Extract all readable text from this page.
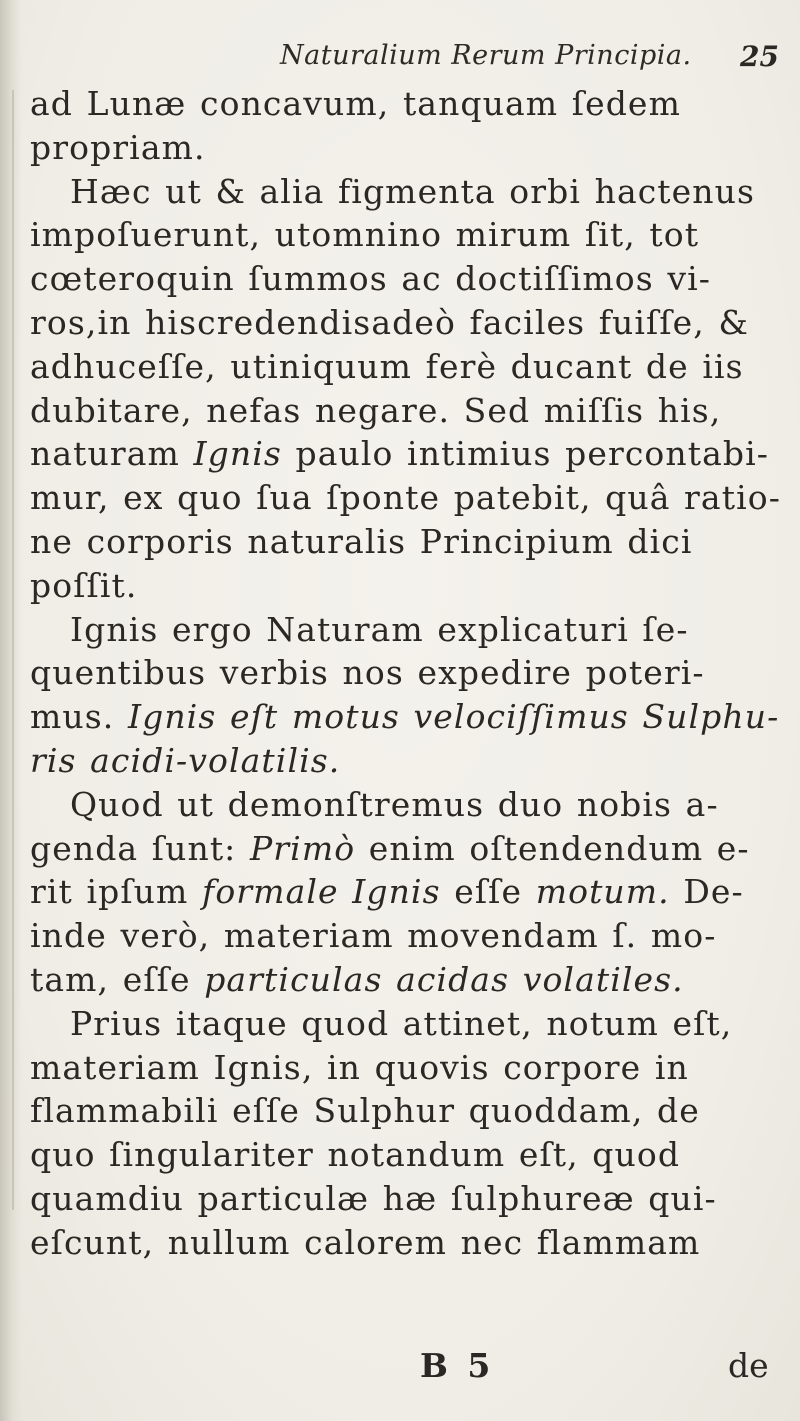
Naturalium Rerum Principia. 25
ad Lunæ concavum, tanquam ſedem
propriam.
Hæc ut & alia figmenta orbi hactenus
impoſuerunt, utomnino mirum ſit, tot
cœteroquin ſummos ac doctiſſimos vi-
ros,in hiscredendisadeò faciles fuiſſe, &
adhuceſſe, utiniquum ferè ducant de iis
dubitare, nefas negare. Sed miſſis his,
naturam Ignis paulo intimius percontabi-
mur, ex quo ſua ſponte patebit, quâ ratio-
ne corporis naturalis Principium dici
poſſit.
Ignis ergo Naturam explicaturi ſe-
quentibus verbis nos expedire poteri-
mus. Ignis eſt motus velociſſimus Sulphu-
ris acidi-volatilis.
Quod ut demonſtremus duo nobis a-
genda ſunt: Primò enim oſtendendum e-
rit ipſum formale Ignis eſſe motum. De-
inde verò, materiam movendam ſ. mo-
tam, eſſe particulas acidas volatiles.
Prius itaque quod attinet, notum eſt,
materiam Ignis, in quovis corpore in
flammabili eſſe Sulphur quoddam, de
quo ſingulariter notandum eſt, quod
quamdiu particulæ hæ ſulphureæ qui-
eſcunt, nullum calorem nec flammam
B 5	de
